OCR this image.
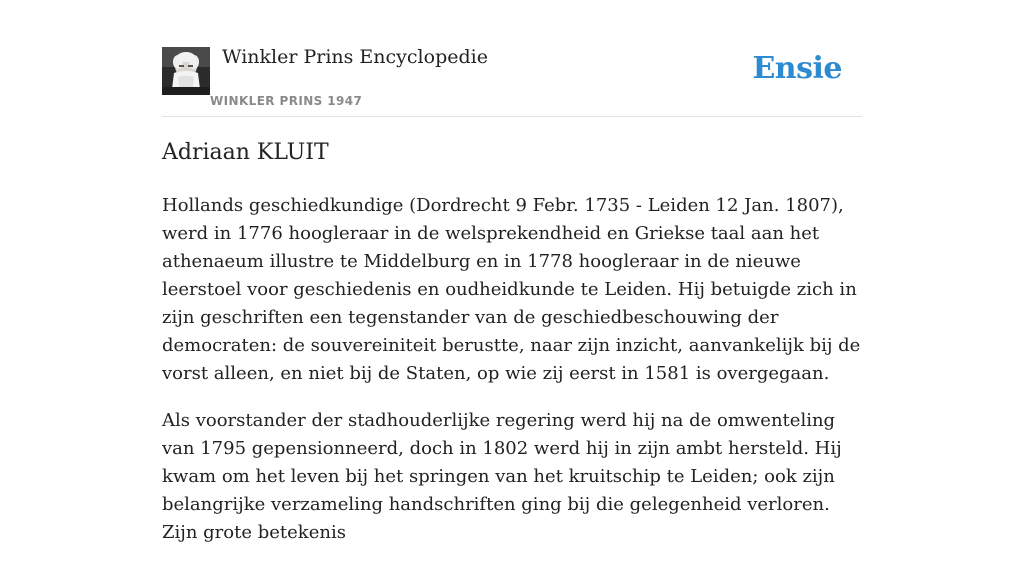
Winkler Prins Encyclopedie
WINKLER PRINS 1947
Ensie
Adriaan KLUIT

Hollands geschiedkundige (Dordrecht 9 Febr. 1735 - Leiden 12 Jan. 1807), werd in 1776 hoogleraar in de welsprekendheid en Griekse taal aan het athenaeum illustre te Middelburg en in 1778 hoogleraar in de nieuwe leerstoel voor geschiedenis en oudheidkunde te Leiden. Hij betuigde zich in zijn geschriften een tegenstander van de geschiedbeschouwing der democraten: de souvereiniteit berustte, naar zijn inzicht, aanvankelijk bij de vorst alleen, en niet bij de Staten, op wie zij eerst in 1581 is overgegaan.

Als voorstander der stadhouderlijke regering werd hij na de omwenteling van 1795 gepensionneerd, doch in 1802 werd hij in zijn ambt hersteld. Hij kwam om het leven bij het springen van het kruitschip te Leiden; ook zijn belangrijke verzameling handschriften ging bij die gelegenheid verloren. Zijn grote betekenis
